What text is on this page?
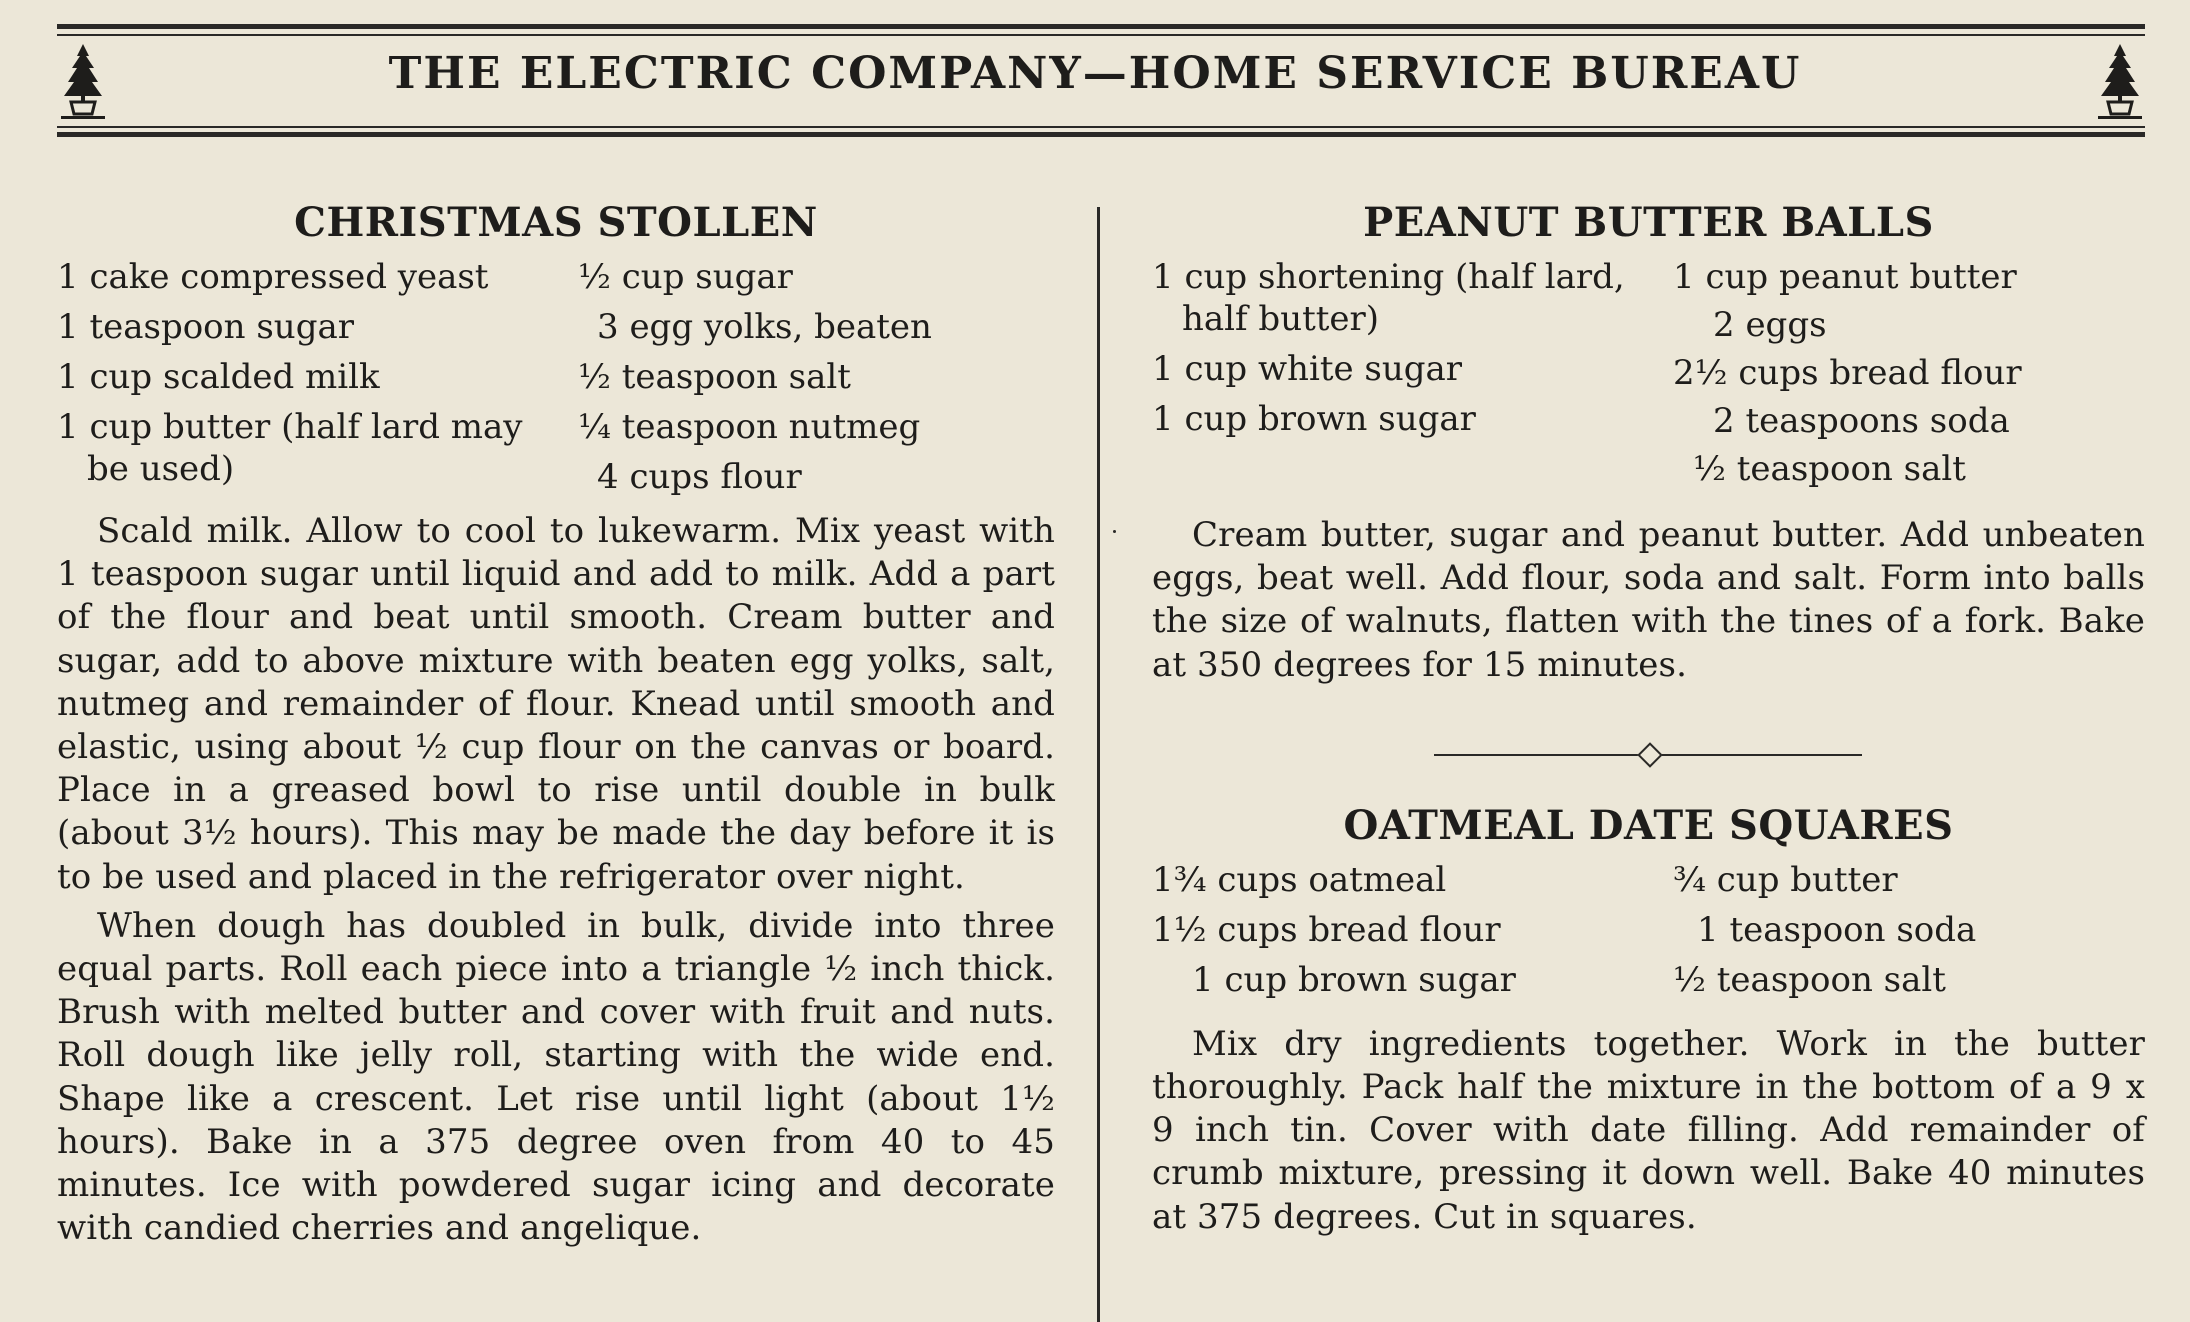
THE ELECTRIC COMPANY—HOME SERVICE BUREAU
CHRISTMAS STOLLEN
1 cake compressed yeast
1 teaspoon sugar
1 cup scalded milk
1 cup butter (half lard may
be used)
½ cup sugar
3 egg yolks, beaten
½ teaspoon salt
¼ teaspoon nutmeg
4 cups flour

Scald milk. Allow to cool to lukewarm. Mix yeast with 1 teaspoon sugar until liquid and add to milk. Add a part of the flour and beat until smooth. Cream butter and sugar, add to above mixture with beaten egg yolks, salt, nutmeg and remainder of flour. Knead until smooth and elastic, using about ½ cup flour on the canvas or board. Place in a greased bowl to rise until double in bulk (about 3½ hours). This may be made the day before it is to be used and placed in the refrigerator over night.

When dough has doubled in bulk, divide into three equal parts. Roll each piece into a triangle ½ inch thick. Brush with melted butter and cover with fruit and nuts. Roll dough like jelly roll, starting with the wide end. Shape like a crescent. Let rise until light (about 1½ hours). Bake in a 375 degree oven from 40 to 45 minutes. Ice with powdered sugar icing and decorate with candied cherries and angelique.

PEANUT BUTTER BALLS
1 cup shortening (half lard,
half butter)
1 cup white sugar
1 cup brown sugar
1 cup peanut butter
2 eggs
2½ cups bread flour
2 teaspoons soda
½ teaspoon salt

Cream butter, sugar and peanut butter. Add unbeaten eggs, beat well. Add flour, soda and salt. Form into balls the size of walnuts, flatten with the tines of a fork. Bake at 350 degrees for 15 minutes.

OATMEAL DATE SQUARES
1¾ cups oatmeal
1½ cups bread flour
1 cup brown sugar
¾ cup butter
1 teaspoon soda
½ teaspoon salt

Mix dry ingredients together. Work in the butter thoroughly. Pack half the mixture in the bottom of a 9 x 9 inch tin. Cover with date filling. Add remainder of crumb mixture, pressing it down well. Bake 40 minutes at 375 degrees. Cut in squares.
